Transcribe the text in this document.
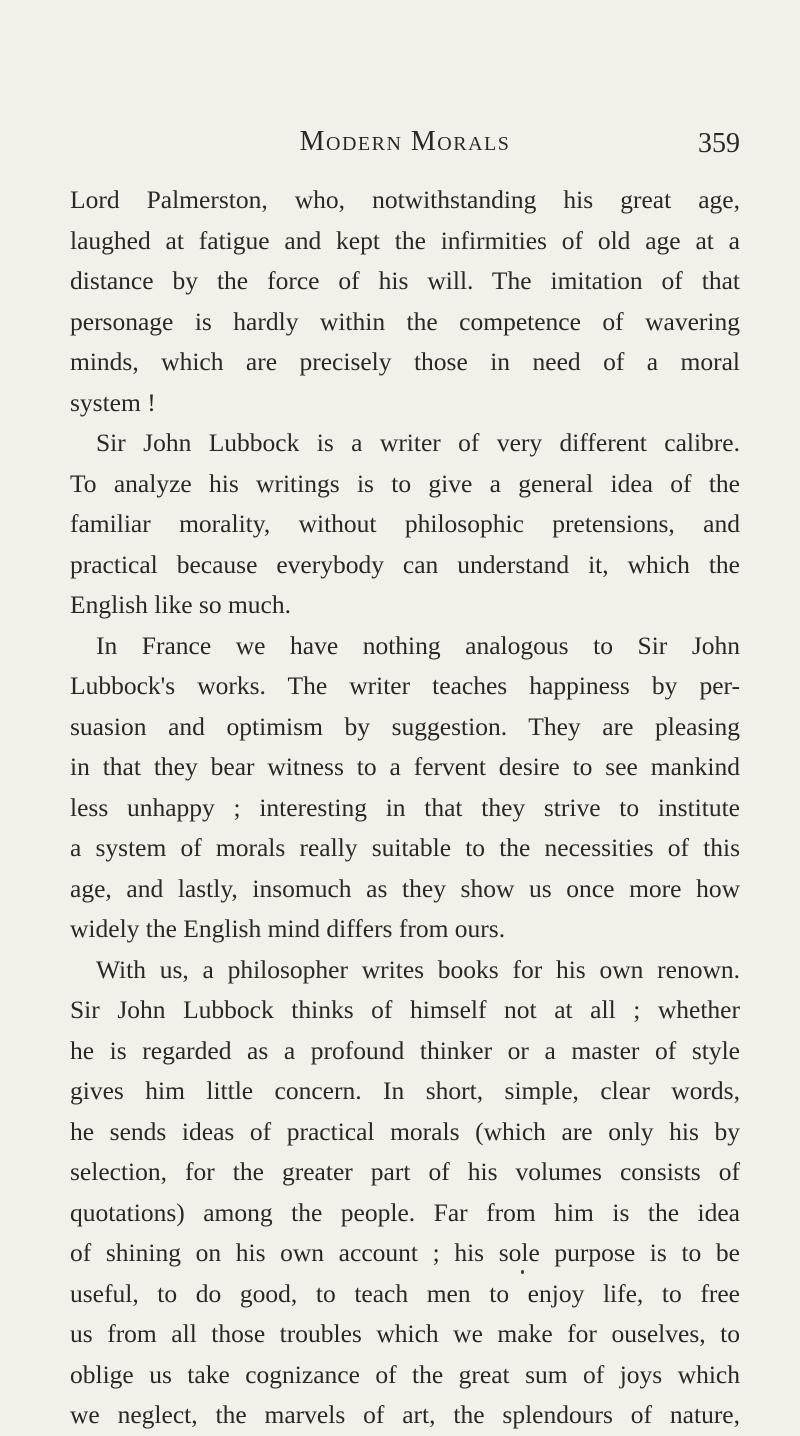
Modern Morals	359
Lord Palmerston, who, notwithstanding his great age,
laughed at fatigue and kept the infirmities of old age at a
distance by the force of his will. The imitation of that
personage is hardly within the competence of wavering
minds, which are precisely those in need of a moral
system !
Sir John Lubbock is a writer of very different calibre.
To analyze his writings is to give a general idea of the
familiar morality, without philosophic pretensions, and
practical because everybody can understand it, which the
English like so much.
In France we have nothing analogous to Sir John
Lubbock's works. The writer teaches happiness by per-
suasion and optimism by suggestion. They are pleasing
in that they bear witness to a fervent desire to see mankind
less unhappy ; interesting in that they strive to institute
a system of morals really suitable to the necessities of this
age, and lastly, insomuch as they show us once more how
widely the English mind differs from ours.
With us, a philosopher writes books for his own renown.
Sir John Lubbock thinks of himself not at all ; whether
he is regarded as a profound thinker or a master of style
gives him little concern. In short, simple, clear words,
he sends ideas of practical morals (which are only his by
selection, for the greater part of his volumes consists of
quotations) among the people. Far from him is the idea
of shining on his own account ; his sole purpose is to be
useful, to do good, to teach men to enjoy life, to free
us from all those troubles which we make for ouselves, to
oblige us take cognizance of the great sum of joys which
we neglect, the marvels of art, the splendours of nature,
